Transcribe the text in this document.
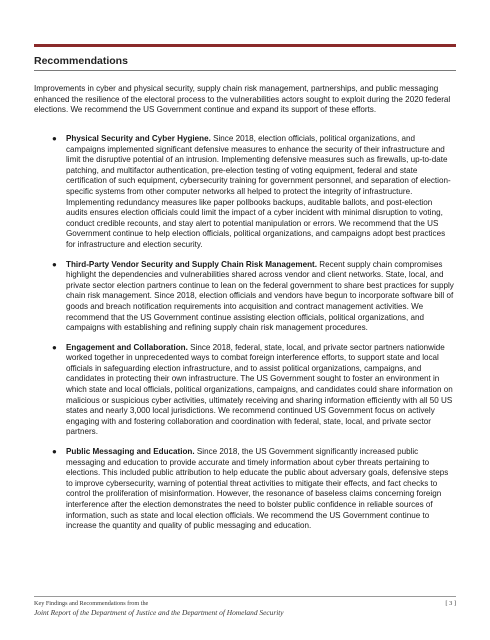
Recommendations
Improvements in cyber and physical security, supply chain risk management, partnerships, and public messaging enhanced the resilience of the electoral process to the vulnerabilities actors sought to exploit during the 2020 federal elections. We recommend the US Government continue and expand its support of these efforts.
● Physical Security and Cyber Hygiene. Since 2018, election officials, political organizations, and campaigns implemented significant defensive measures to enhance the security of their infrastructure and limit the disruptive potential of an intrusion. Implementing defensive measures such as firewalls, up-to-date patching, and multifactor authentication, pre-election testing of voting equipment, federal and state certification of such equipment, cybersecurity training for government personnel, and separation of election-specific systems from other computer networks all helped to protect the integrity of infrastructure. Implementing redundancy measures like paper pollbooks backups, auditable ballots, and post-election audits ensures election officials could limit the impact of a cyber incident with minimal disruption to voting, conduct credible recounts, and stay alert to potential manipulation or errors. We recommend that the US Government continue to help election officials, political organizations, and campaigns adopt best practices for infrastructure and election security.
● Third-Party Vendor Security and Supply Chain Risk Management. Recent supply chain compromises highlight the dependencies and vulnerabilities shared across vendor and client networks. State, local, and private sector election partners continue to lean on the federal government to share best practices for supply chain risk management. Since 2018, election officials and vendors have begun to incorporate software bill of goods and breach notification requirements into acquisition and contract management activities. We recommend that the US Government continue assisting election officials, political organizations, and campaigns with establishing and refining supply chain risk management procedures.
● Engagement and Collaboration. Since 2018, federal, state, local, and private sector partners nationwide worked together in unprecedented ways to combat foreign interference efforts, to support state and local officials in safeguarding election infrastructure, and to assist political organizations, campaigns, and candidates in protecting their own infrastructure. The US Government sought to foster an environment in which state and local officials, political organizations, campaigns, and candidates could share information on malicious or suspicious cyber activities, ultimately receiving and sharing information efficiently with all 50 US states and nearly 3,000 local jurisdictions. We recommend continued US Government focus on actively engaging with and fostering collaboration and coordination with federal, state, local, and private sector partners.
● Public Messaging and Education. Since 2018, the US Government significantly increased public messaging and education to provide accurate and timely information about cyber threats pertaining to elections. This included public attribution to help educate the public about adversary goals, defensive steps to improve cybersecurity, warning of potential threat activities to mitigate their effects, and fact checks to control the proliferation of misinformation. However, the resonance of baseless claims concerning foreign interference after the election demonstrates the need to bolster public confidence in reliable sources of information, such as state and local election officials. We recommend the US Government continue to increase the quantity and quality of public messaging and education.
Key Findings and Recommendations from the
Joint Report of the Department of Justice and the Department of Homeland Security
[ 3 ]
